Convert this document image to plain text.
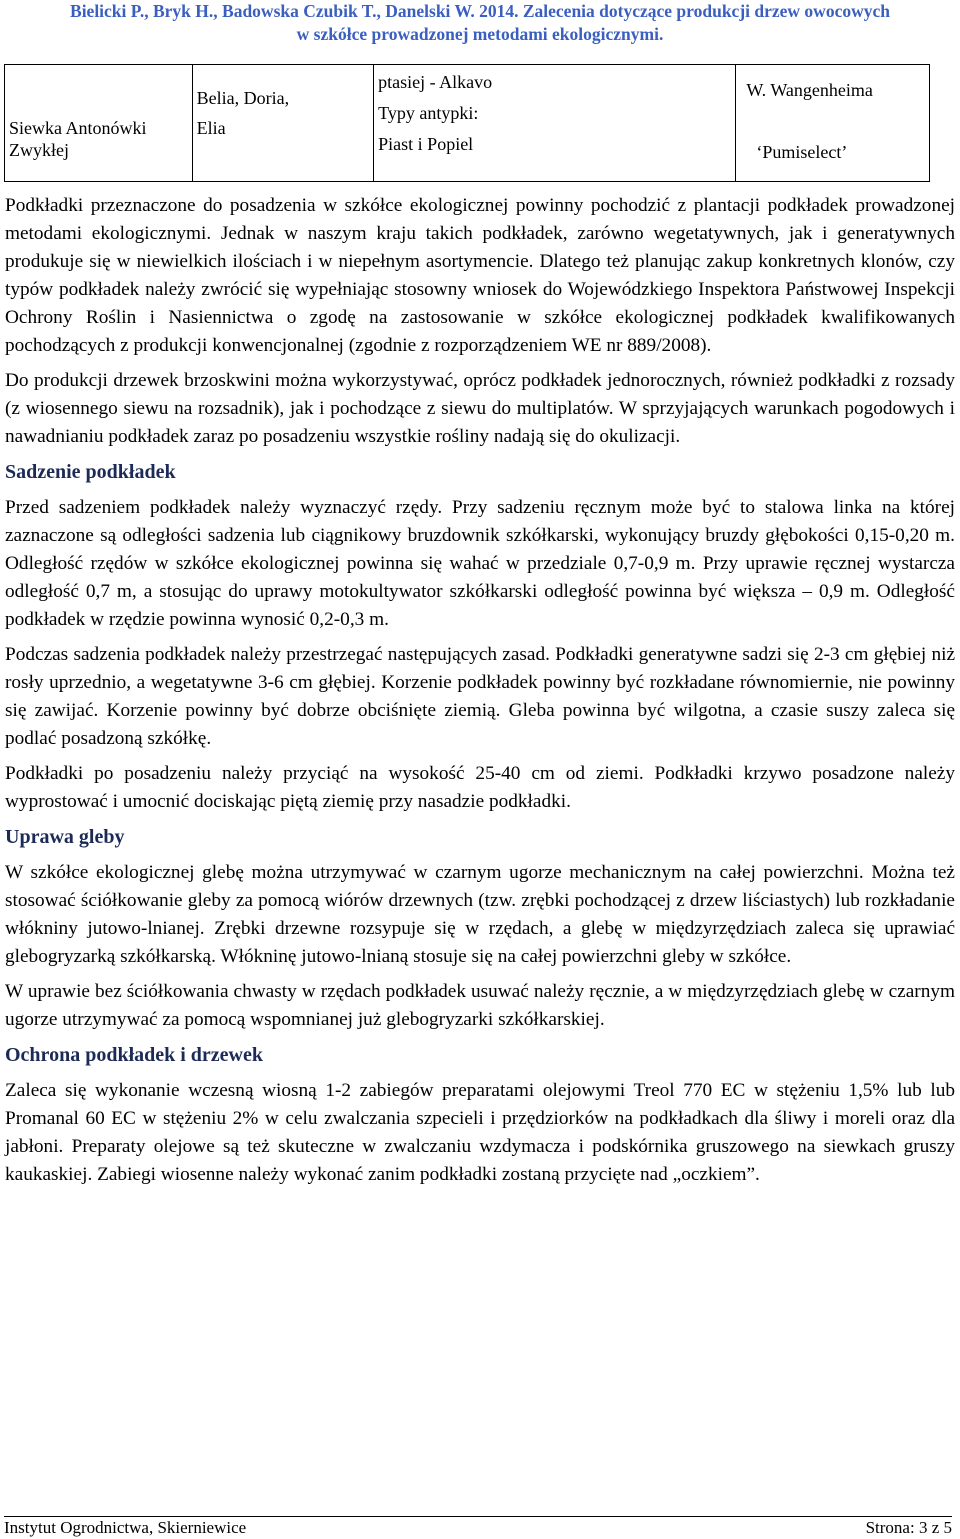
Bielicki P., Bryk H., Badowska Czubik T., Danelski W. 2014. Zalecenia dotyczące produkcji drzew owocowych
w szkółce prowadzonej metodami ekologicznymi.
Siewka Antonówki
Zwykłej

Belia, Doria,
Elia

ptasiej - Alkavo
Typy antypki:
Piast i Popiel

W. Wangenheima
‘Pumiselect’

Podkładki przeznaczone do posadzenia w szkółce ekologicznej powinny pochodzić z plantacji podkładek prowadzonej metodami ekologicznymi. Jednak w naszym kraju takich podkładek, zarówno wegetatywnych, jak i generatywnych produkuje się w niewielkich ilościach i w niepełnym asortymencie. Dlatego też planując zakup konkretnych klonów, czy typów podkładek należy zwrócić się wypełniając stosowny wniosek do Wojewódzkiego Inspektora Państwowej Inspekcji Ochrony Roślin i Nasiennictwa o zgodę na zastosowanie w szkółce ekologicznej podkładek kwalifikowanych pochodzących z produkcji konwencjonalnej (zgodnie z rozporządzeniem WE nr 889/2008).

Do produkcji drzewek brzoskwini można wykorzystywać, oprócz podkładek jednorocznych, również podkładki z rozsady (z wiosennego siewu na rozsadnik), jak i pochodzące z siewu do multiplatów. W sprzyjających warunkach pogodowych i nawadnianiu podkładek zaraz po posadzeniu wszystkie rośliny nadają się do okulizacji.

Sadzenie podkładek

Przed sadzeniem podkładek należy wyznaczyć rzędy. Przy sadzeniu ręcznym może być to stalowa linka na której zaznaczone są odległości sadzenia lub ciągnikowy bruzdownik szkółkarski, wykonujący bruzdy głębokości 0,15-0,20 m. Odległość rzędów w szkółce ekologicznej powinna się wahać w przedziale 0,7-0,9 m. Przy uprawie ręcznej wystarcza odległość 0,7 m, a stosując do uprawy motokultywator szkółkarski odległość powinna być większa – 0,9 m. Odległość podkładek w rzędzie powinna wynosić 0,2-0,3 m.

Podczas sadzenia podkładek należy przestrzegać następujących zasad. Podkładki generatywne sadzi się 2-3 cm głębiej niż rosły uprzednio, a wegetatywne 3-6 cm głębiej. Korzenie podkładek powinny być rozkładane równomiernie, nie powinny się zawijać. Korzenie powinny być dobrze obciśnięte ziemią. Gleba powinna być wilgotna, a czasie suszy zaleca się podlać posadzoną szkółkę.

Podkładki po posadzeniu należy przyciąć na wysokość 25-40 cm od ziemi. Podkładki krzywo posadzone należy wyprostować i umocnić dociskając piętą ziemię przy nasadzie podkładki.

Uprawa gleby

W szkółce ekologicznej glebę można utrzymywać w czarnym ugorze mechanicznym na całej powierzchni. Można też stosować ściółkowanie gleby za pomocą wiórów drzewnych (tzw. zrębki pochodzącej z drzew liściastych) lub rozkładanie włókniny jutowo-lnianej. Zrębki drzewne rozsypuje się w rzędach, a glebę w międzyrzędziach zaleca się uprawiać glebogryzarką szkółkarską. Włókninę jutowo-lnianą stosuje się na całej powierzchni gleby w szkółce.

W uprawie bez ściółkowania chwasty w rzędach podkładek usuwać należy ręcznie, a w międzyrzędziach glebę w czarnym ugorze utrzymywać za pomocą wspomnianej już glebogryzarki szkółkarskiej.

Ochrona podkładek i drzewek

Zaleca się wykonanie wczesną wiosną 1-2 zabiegów preparatami olejowymi Treol 770 EC w stężeniu 1,5% lub lub Promanal 60 EC w stężeniu 2% w celu zwalczania szpecieli i przędziorków na podkładkach dla śliwy i moreli oraz dla jabłoni. Preparaty olejowe są też skuteczne w zwalczaniu wzdymacza i podskórnika gruszowego na siewkach gruszy kaukaskiej. Zabiegi wiosenne należy wykonać zanim podkładki zostaną przycięte nad „oczkiem”.

Instytut Ogrodnictwa, Skierniewice	Strona: 3 z 5
